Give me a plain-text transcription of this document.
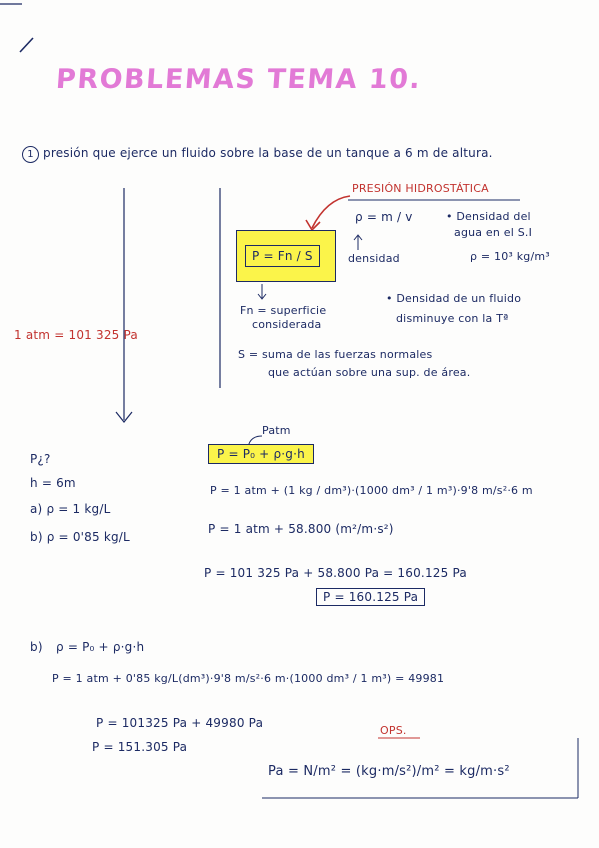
PROBLEMAS TEMA 10.
1 presión que ejerce un fluido sobre la base de un tanque a 6 m de altura.
1 atm = 101 325 Pa
P¿?
h = 6m
a) ρ = 1 kg/L
b) ρ = 0'85 kg/L
PRESIÓN HIDROSTÁTICA
P = Fn / S
ρ = m / v
densidad
• Densidad del
agua en el S.I
ρ = 10³ kg/m³
Fn = superficie
considerada
• Densidad de un fluido
disminuye con la Tª
S = suma de las fuerzas normales
que actúan sobre una sup. de área.
Patm
P = P₀ + ρ·g·h
P = 1 atm + (1 kg / dm³)·(1000 dm³ / 1 m³)·9'8 m/s²·6 m
P = 1 atm + 58.800 (m²/m·s²)
P = 101 325 Pa + 58.800 Pa = 160.125 Pa
P = 160.125 Pa
b) ρ = P₀ + ρ·g·h
P = 1 atm + 0'85 kg/L(dm³)·9'8 m/s²·6 m·(1000 dm³ / 1 m³) = 49981
P = 101325 Pa + 49980 Pa
P = 151.305 Pa
OPS.
Pa = N/m² = (kg·m/s²)/m² = kg/m·s²
